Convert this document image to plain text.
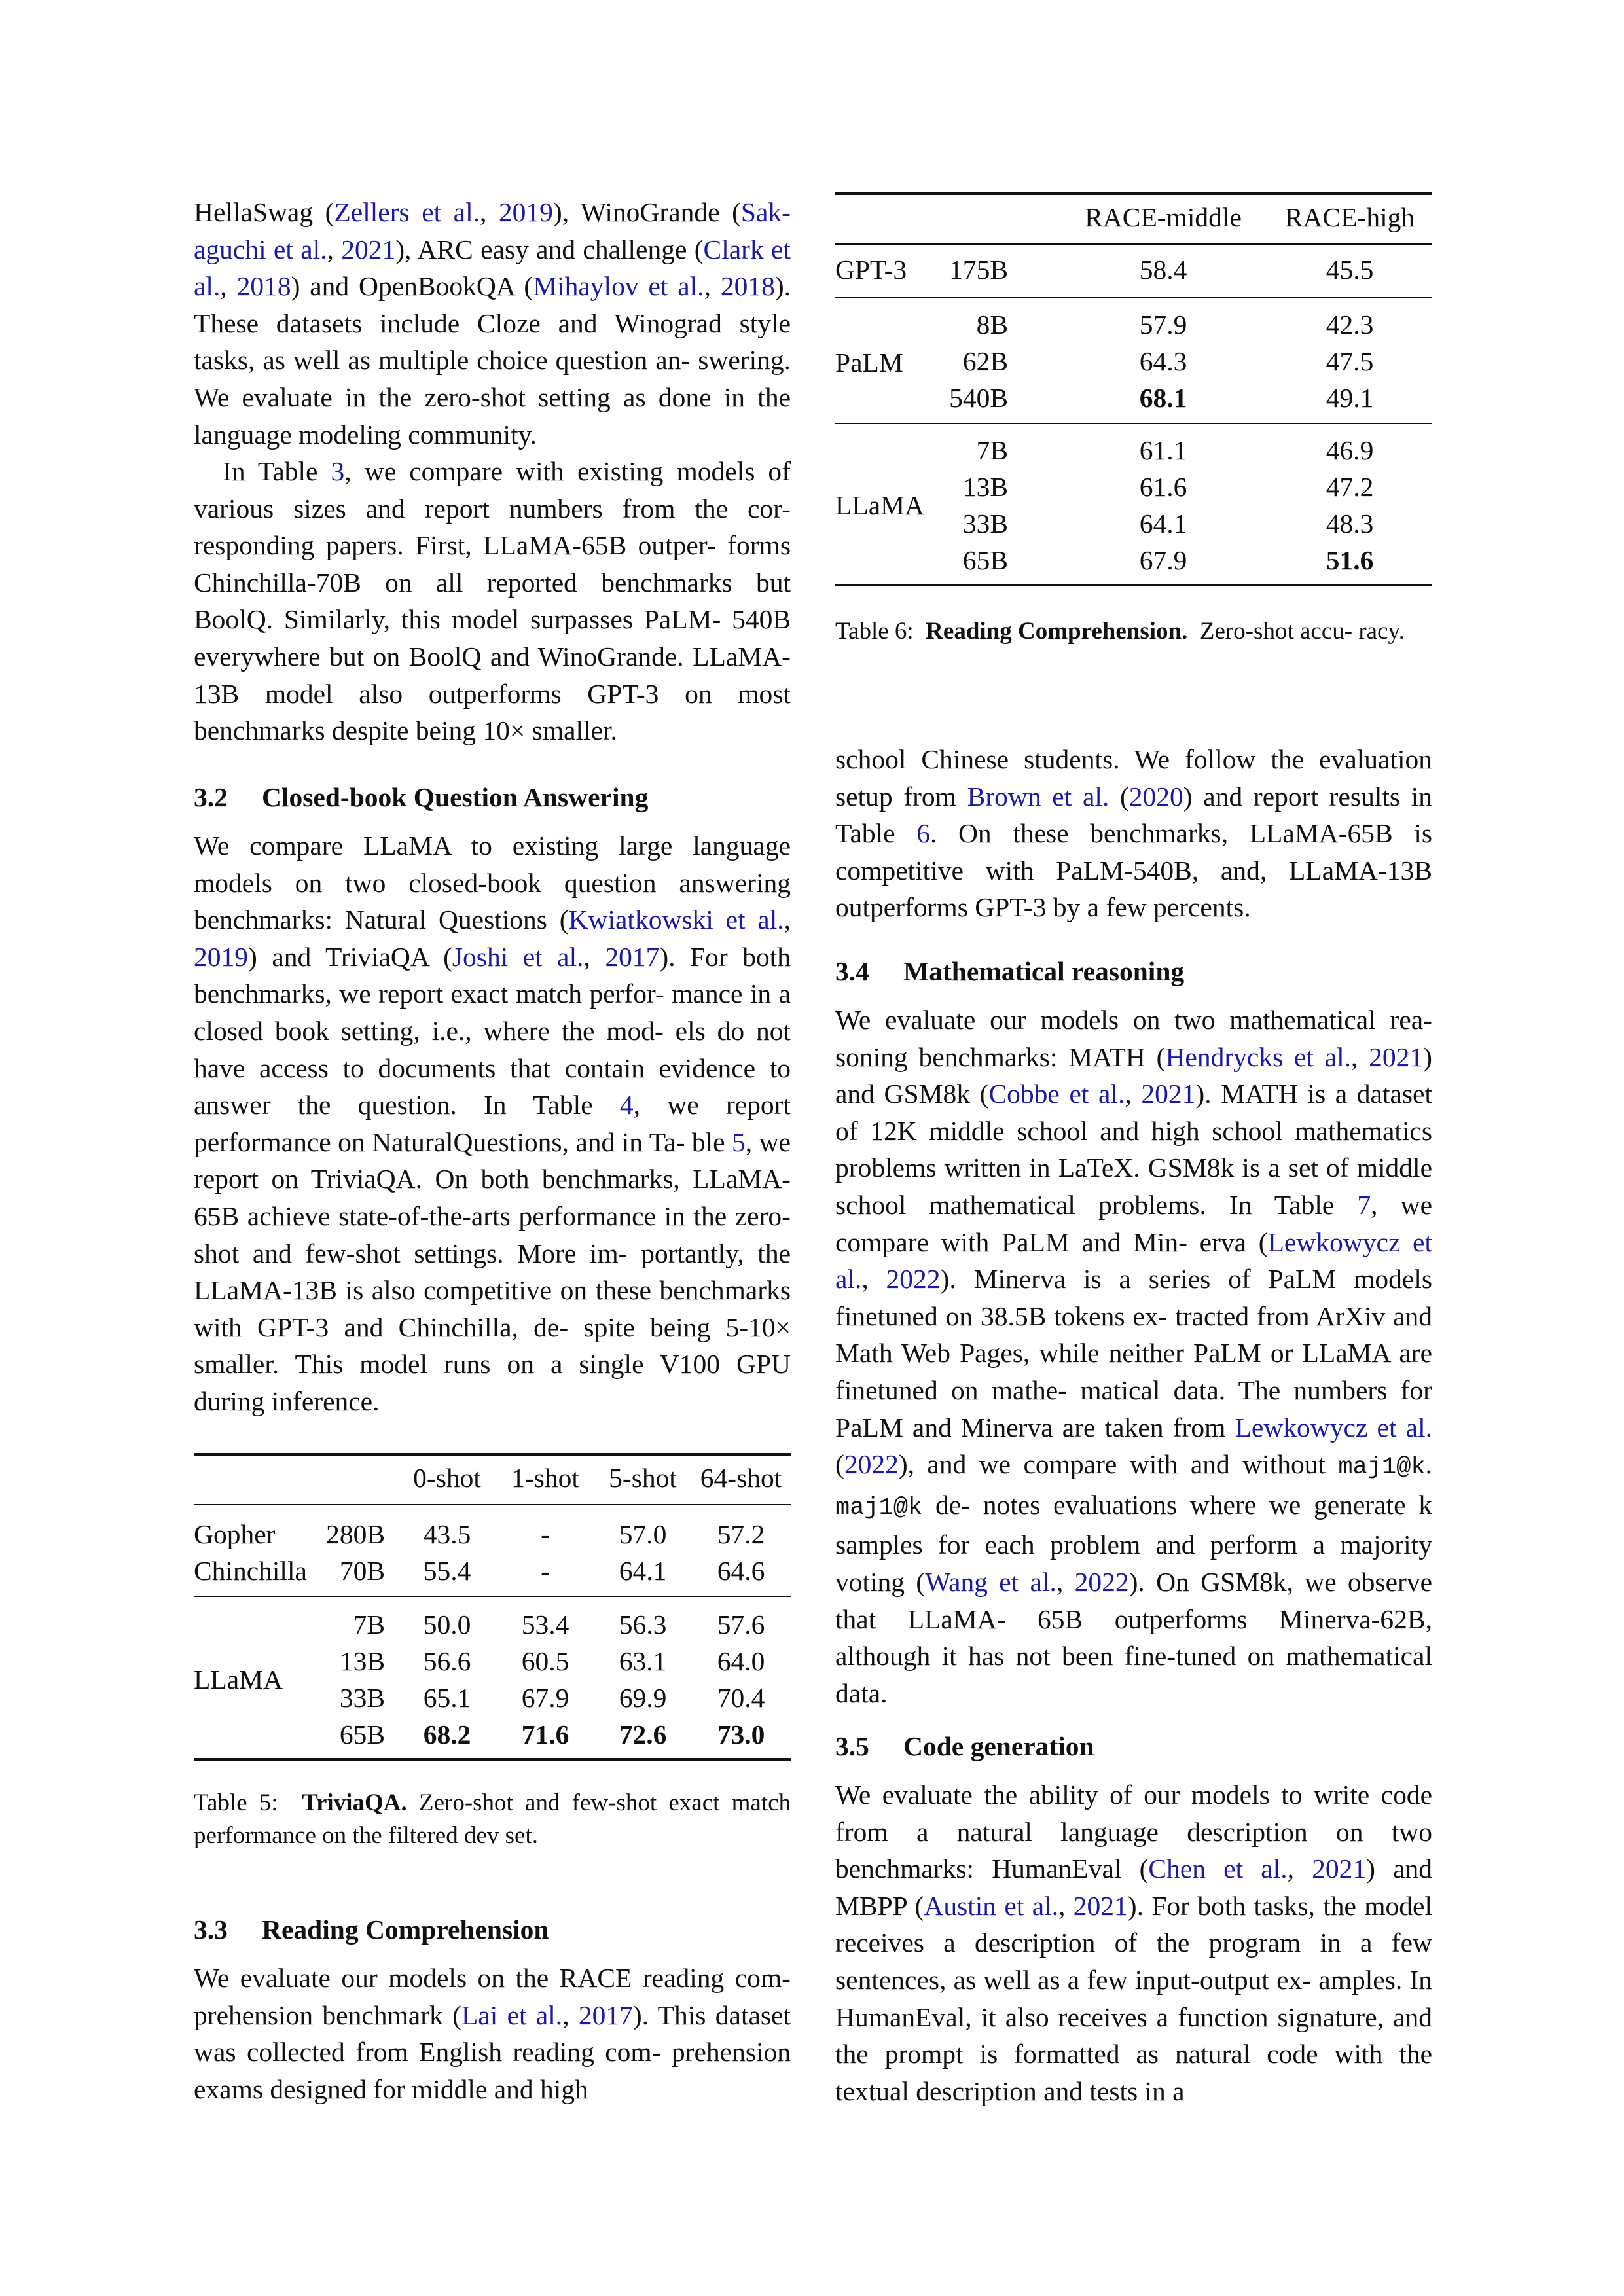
HellaSwag (Zellers et al., 2019), WinoGrande (Sak- aguchi et al., 2021), ARC easy and challenge (Clark et al., 2018) and OpenBookQA (Mihaylov et al., 2018). These datasets include Cloze and Winograd style tasks, as well as multiple choice question an- swering. We evaluate in the zero-shot setting as done in the language modeling community.
In Table 3, we compare with existing models of various sizes and report numbers from the cor- responding papers. First, LLaMA-65B outper- forms Chinchilla-70B on all reported benchmarks but BoolQ. Similarly, this model surpasses PaLM- 540B everywhere but on BoolQ and WinoGrande. LLaMA-13B model also outperforms GPT-3 on most benchmarks despite being 10× smaller.
3.2 Closed-book Question Answering
We compare LLaMA to existing large language models on two closed-book question answering benchmarks: Natural Questions (Kwiatkowski et al., 2019) and TriviaQA (Joshi et al., 2017). For both benchmarks, we report exact match perfor- mance in a closed book setting, i.e., where the mod- els do not have access to documents that contain evidence to answer the question. In Table 4, we report performance on NaturalQuestions, and in Ta- ble 5, we report on TriviaQA. On both benchmarks, LLaMA-65B achieve state-of-the-arts performance in the zero-shot and few-shot settings. More im- portantly, the LLaMA-13B is also competitive on these benchmarks with GPT-3 and Chinchilla, de- spite being 5-10× smaller. This model runs on a single V100 GPU during inference.
0-shot	1-shot	5-shot 64-shot
Gopher 280B	43.5	-	57.0	57.2
Chinchilla	70B	55.4	-	64.1	64.6
LLaMA
7B	50.0	53.4	56.3	57.6
13B	56.6	60.5	63.1	64.0
33B	65.1	67.9	69.9	70.4
65B	68.2	71.6	72.6	73.0
Table 5: TriviaQA. Zero-shot and few-shot exact match performance on the filtered dev set.
3.3 Reading Comprehension
We evaluate our models on the RACE reading com- prehension benchmark (Lai et al., 2017). This dataset was collected from English reading com- prehension exams designed for middle and high
RACE-middle	RACE-high
GPT-3	175B	58.4	45.5
PaLM
8B	57.9	42.3
62B	64.3	47.5
540B	68.1	49.1
LLaMA
7B	61.1	46.9
13B	61.6	47.2
33B	64.1	48.3
65B	67.9	51.6
Table 6: Reading Comprehension. Zero-shot accu- racy.
school Chinese students. We follow the evaluation setup from Brown et al. (2020) and report results in Table 6. On these benchmarks, LLaMA-65B is competitive with PaLM-540B, and, LLaMA-13B outperforms GPT-3 by a few percents.
3.4 Mathematical reasoning
We evaluate our models on two mathematical rea- soning benchmarks: MATH (Hendrycks et al., 2021) and GSM8k (Cobbe et al., 2021). MATH is a dataset of 12K middle school and high school mathematics problems written in LaTeX. GSM8k is a set of middle school mathematical problems. In Table 7, we compare with PaLM and Min- erva (Lewkowycz et al., 2022). Minerva is a series of PaLM models finetuned on 38.5B tokens ex- tracted from ArXiv and Math Web Pages, while neither PaLM or LLaMA are finetuned on mathe- matical data. The numbers for PaLM and Minerva are taken from Lewkowycz et al. (2022), and we compare with and without maj1@k. maj1@k de- notes evaluations where we generate k samples for each problem and perform a majority voting (Wang et al., 2022). On GSM8k, we observe that LLaMA- 65B outperforms Minerva-62B, although it has not been fine-tuned on mathematical data.
3.5 Code generation
We evaluate the ability of our models to write code from a natural language description on two benchmarks: HumanEval (Chen et al., 2021) and MBPP (Austin et al., 2021). For both tasks, the model receives a description of the program in a few sentences, as well as a few input-output ex- amples. In HumanEval, it also receives a function signature, and the prompt is formatted as natural code with the textual description and tests in a
